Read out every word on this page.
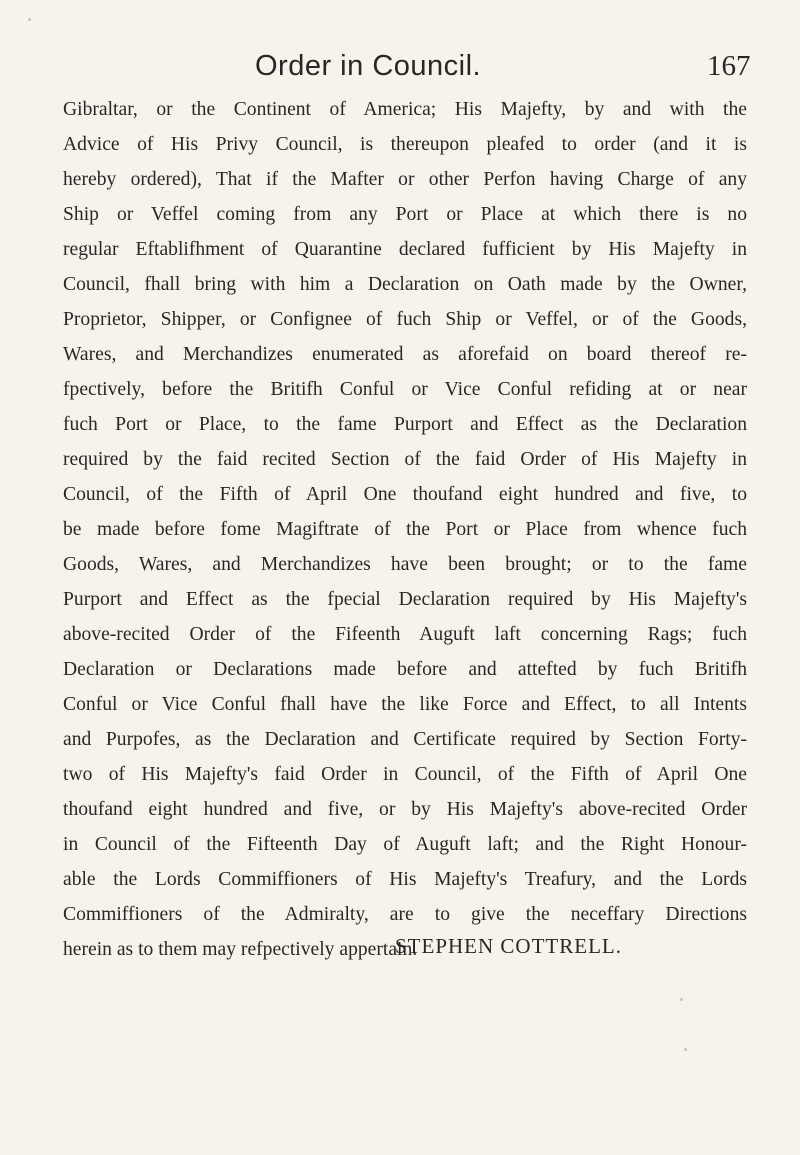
Order in Council.	167
Gibraltar, or the Continent of America; His Majefty, by and with the
Advice of His Privy Council, is thereupon pleafed to order (and it is
hereby ordered), That if the Mafter or other Perfon having Charge of any
Ship or Veffel coming from any Port or Place at which there is no
regular Eftablifhment of Quarantine declared fufficient by His Majefty in
Council, fhall bring with him a Declaration on Oath made by the Owner,
Proprietor, Shipper, or Confignee of fuch Ship or Veffel, or of the Goods,
Wares, and Merchandizes enumerated as aforefaid on board thereof re-
fpectively, before the Britifh Conful or Vice Conful refiding at or near
fuch Port or Place, to the fame Purport and Effect as the Declaration
required by the faid recited Section of the faid Order of His Majefty in
Council, of the Fifth of April One thoufand eight hundred and five, to
be made before fome Magiftrate of the Port or Place from whence fuch
Goods, Wares, and Merchandizes have been brought; or to the fame
Purport and Effect as the fpecial Declaration required by His Majefty's
above-recited Order of the Fifeenth Auguft laft concerning Rags; fuch
Declaration or Declarations made before and attefted by fuch Britifh
Conful or Vice Conful fhall have the like Force and Effect, to all Intents
and Purpofes, as the Declaration and Certificate required by Section Forty-
two of His Majefty's faid Order in Council, of the Fifth of April One
thoufand eight hundred and five, or by His Majefty's above-recited Order
in Council of the Fifteenth Day of Auguft laft; and the Right Honour-
able the Lords Commiffioners of His Majefty's Treafury, and the Lords
Commiffioners of the Admiralty, are to give the neceffary Directions
herein as to them may refpectively appertain.
STEPHEN COTTRELL.
